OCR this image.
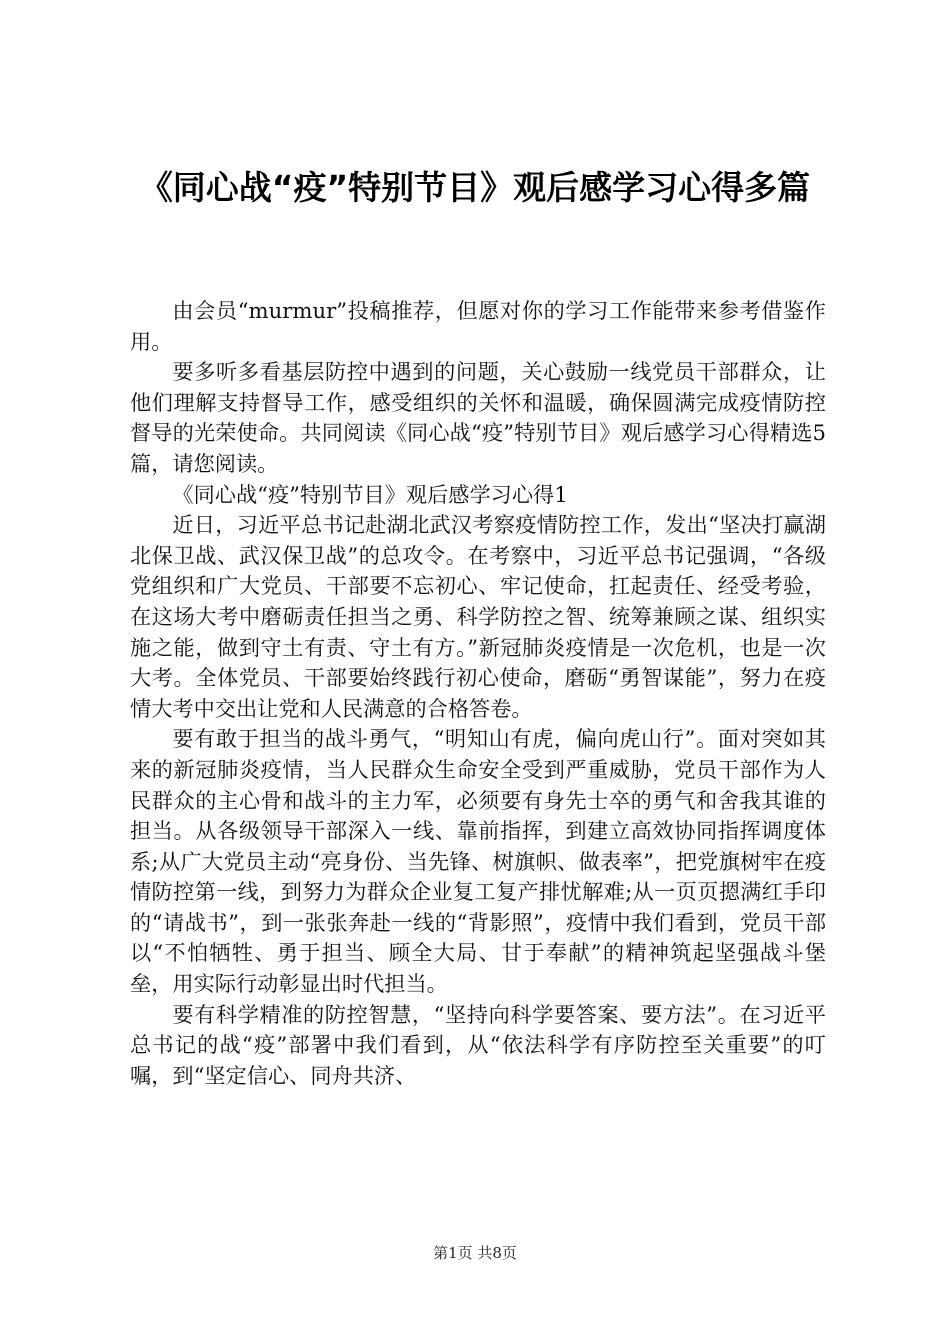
《同心战“疫”特别节目》观后感学习心得多篇

由会员“murmur”投稿推荐，但愿对你的学习工作能带来参考借鉴作用。

要多听多看基层防控中遇到的问题，关心鼓励一线党员干部群众，让他们理解支持督导工作，感受组织的关怀和温暖，确保圆满完成疫情防控督导的光荣使命。共同阅读《同心战“疫”特别节目》观后感学习心得精选5篇，请您阅读。

《同心战“疫”特别节目》观后感学习心得1

近日，习近平总书记赴湖北武汉考察疫情防控工作，发出“坚决打赢湖北保卫战、武汉保卫战”的总攻令。在考察中，习近平总书记强调，“各级党组织和广大党员、干部要不忘初心、牢记使命，扛起责任、经受考验，在这场大考中磨砺责任担当之勇、科学防控之智、统筹兼顾之谋、组织实施之能，做到守土有责、守土有方。”新冠肺炎疫情是一次危机，也是一次大考。全体党员、干部要始终践行初心使命，磨砺“勇智谋能”，努力在疫情大考中交出让党和人民满意的合格答卷。

要有敢于担当的战斗勇气，“明知山有虎，偏向虎山行”。面对突如其来的新冠肺炎疫情，当人民群众生命安全受到严重威胁，党员干部作为人民群众的主心骨和战斗的主力军，必须要有身先士卒的勇气和舍我其谁的担当。从各级领导干部深入一线、靠前指挥，到建立高效协同指挥调度体系;从广大党员主动“亮身份、当先锋、树旗帜、做表率”，把党旗树牢在疫情防控第一线，到努力为群众企业复工复产排忧解难;从一页页摁满红手印的“请战书”，到一张张奔赴一线的“背影照”，疫情中我们看到，党员干部以“不怕牺牲、勇于担当、顾全大局、甘于奉献”的精神筑起坚强战斗堡垒，用实际行动彰显出时代担当。

要有科学精准的防控智慧，“坚持向科学要答案、要方法”。在习近平总书记的战“疫”部署中我们看到，从“依法科学有序防控至关重要”的叮嘱，到“坚定信心、同舟共济、

第1页 共8页
